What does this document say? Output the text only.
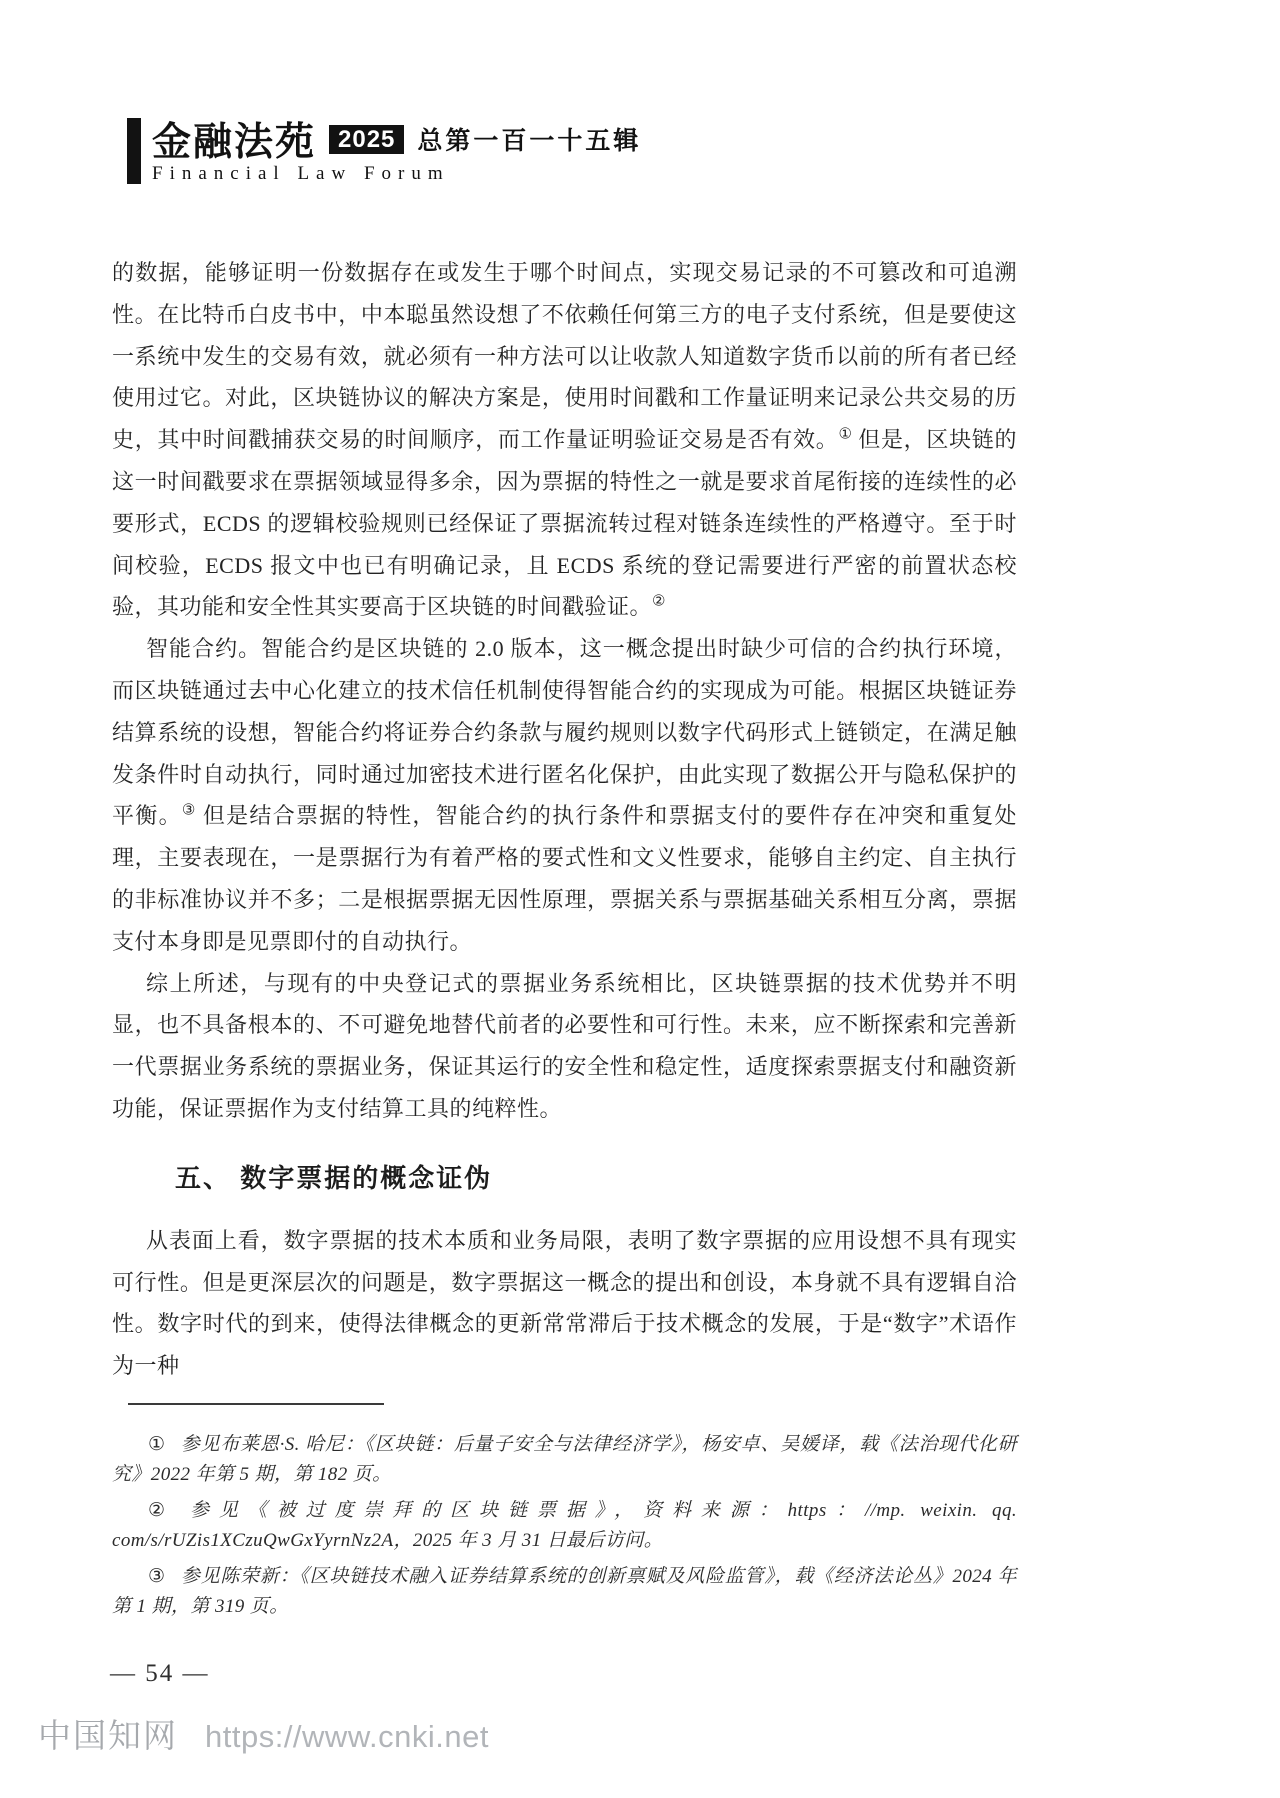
金融法苑 2025 总第一百一十五辑
Financial Law Forum

的数据，能够证明一份数据存在或发生于哪个时间点，实现交易记录的不可篡改和可追溯性。在比特币白皮书中，中本聪虽然设想了不依赖任何第三方的电子支付系统，但是要使这一系统中发生的交易有效，就必须有一种方法可以让收款人知道数字货币以前的所有者已经使用过它。对此，区块链协议的解决方案是，使用时间戳和工作量证明来记录公共交易的历史，其中时间戳捕获交易的时间顺序，而工作量证明验证交易是否有效。① 但是，区块链的这一时间戳要求在票据领域显得多余，因为票据的特性之一就是要求首尾衔接的连续性的必要形式，ECDS 的逻辑校验规则已经保证了票据流转过程对链条连续性的严格遵守。至于时间校验，ECDS 报文中也已有明确记录，且 ECDS 系统的登记需要进行严密的前置状态校验，其功能和安全性其实要高于区块链的时间戳验证。②

智能合约。智能合约是区块链的 2.0 版本，这一概念提出时缺少可信的合约执行环境，而区块链通过去中心化建立的技术信任机制使得智能合约的实现成为可能。根据区块链证券结算系统的设想，智能合约将证券合约条款与履约规则以数字代码形式上链锁定，在满足触发条件时自动执行，同时通过加密技术进行匿名化保护，由此实现了数据公开与隐私保护的平衡。③ 但是结合票据的特性，智能合约的执行条件和票据支付的要件存在冲突和重复处理，主要表现在，一是票据行为有着严格的要式性和文义性要求，能够自主约定、自主执行的非标准协议并不多；二是根据票据无因性原理，票据关系与票据基础关系相互分离，票据支付本身即是见票即付的自动执行。

综上所述，与现有的中央登记式的票据业务系统相比，区块链票据的技术优势并不明显，也不具备根本的、不可避免地替代前者的必要性和可行性。未来，应不断探索和完善新一代票据业务系统的票据业务，保证其运行的安全性和稳定性，适度探索票据支付和融资新功能，保证票据作为支付结算工具的纯粹性。

五、 数字票据的概念证伪

从表面上看，数字票据的技术本质和业务局限，表明了数字票据的应用设想不具有现实可行性。但是更深层次的问题是，数字票据这一概念的提出和创设，本身就不具有逻辑自洽性。数字时代的到来，使得法律概念的更新常常滞后于技术概念的发展，于是“数字”术语作为一种

① 参见布莱恩·S. 哈尼：《区块链：后量子安全与法律经济学》，杨安卓、吴媛译，载《法治现代化研究》2022 年第 5 期，第 182 页。

② 参见《被过度崇拜的区块链票据》，资料来源：https：//mp. weixin. qq. com/s/rUZis1XCzuQwGxYyrnNz2A，2025 年 3 月 31 日最后访问。

③ 参见陈荣新：《区块链技术融入证券结算系统的创新禀赋及风险监管》，载《经济法论丛》2024 年第 1 期，第 319 页。

— 54 —
中国知网 https://www.cnki.net
